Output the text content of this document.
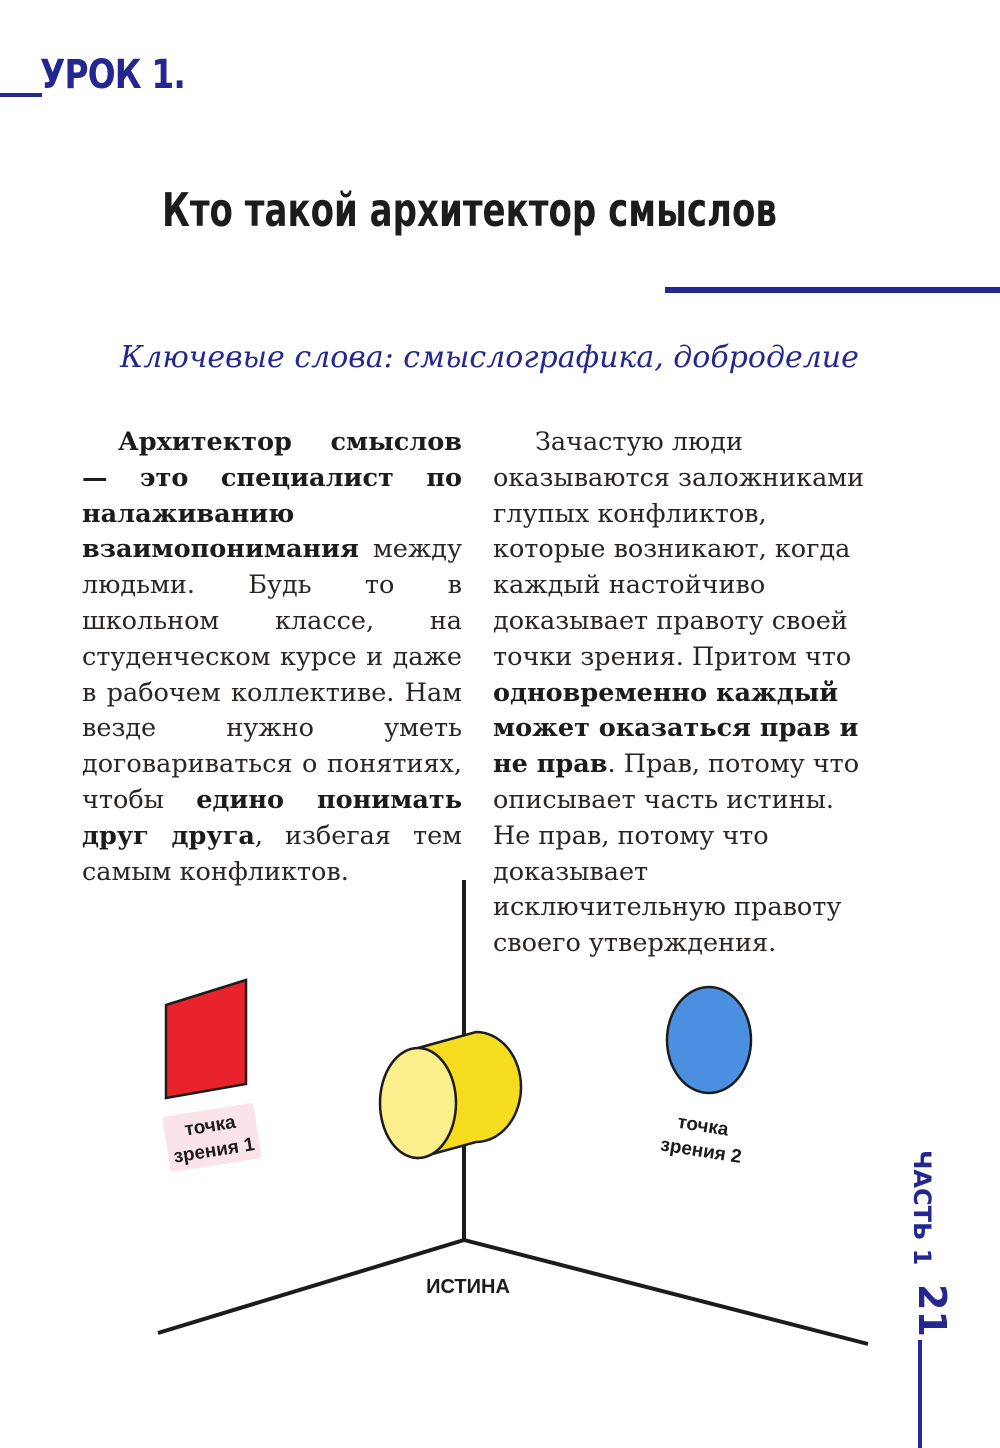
УРОК 1.
Кто такой архитектор смыслов
Ключевые слова: смыслографика, доброделие

Архитектор смыслов — это специалист по налаживанию взаимопонимания между людьми. Будь то в школьном классе, на студенческом курсе и даже в рабочем коллективе. Нам везде нужно уметь договариваться о понятиях, чтобы едино понимать друг друга, избегая тем самым конфликтов.

Зачастую люди оказываются заложниками глупых конфликтов, которые возникают, когда каждый настойчиво доказывает правоту своей точки зрения. Притом что одновременно каждый может оказаться прав и не прав. Прав, потому что описывает часть истины. Не прав, потому что доказывает исключительную правоту своего утверждения.

точка
зрения 1
точка
зрения 2
ИСТИНА
ЧАСТЬ 1
21
